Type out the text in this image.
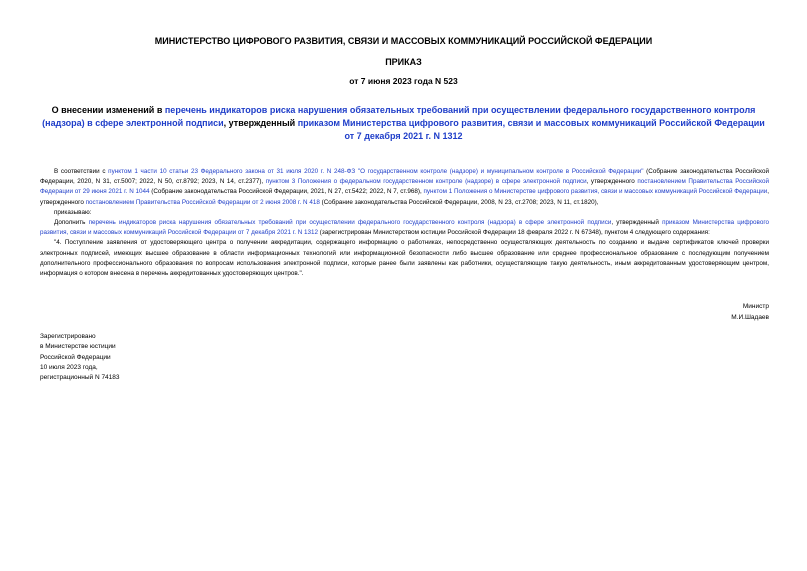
МИНИСТЕРСТВО ЦИФРОВОГО РАЗВИТИЯ, СВЯЗИ И МАССОВЫХ КОММУНИКАЦИЙ РОССИЙСКОЙ ФЕДЕРАЦИИ
ПРИКАЗ
от 7 июня 2023 года N 523
О внесении изменений в перечень индикаторов риска нарушения обязательных требований при осуществлении федерального государственного контроля (надзора) в сфере электронной подписи, утвержденный приказом Министерства цифрового развития, связи и массовых коммуникаций Российской Федерации от 7 декабря 2021 г. N 1312

В соответствии с пунктом 1 части 10 статьи 23 Федерального закона от 31 июля 2020 г. N 248-ФЗ "О государственном контроле (надзоре) и муниципальном контроле в Российской Федерации" (Собрание законодательства Российской Федерации, 2020, N 31, ст.5007; 2022, N 50, ст.8792; 2023, N 14, ст.2377), пунктом 3 Положения о федеральном государственном контроле (надзоре) в сфере электронной подписи, утвержденного постановлением Правительства Российской Федерации от 29 июня 2021 г. N 1044 (Собрание законодательства Российской Федерации, 2021, N 27, ст.5422; 2022, N 7, ст.968), пунктом 1 Положения о Министерстве цифрового развития, связи и массовых коммуникаций Российской Федерации, утвержденного постановлением Правительства Российской Федерации от 2 июня 2008 г. N 418 (Собрание законодательства Российской Федерации, 2008, N 23, ст.2708; 2023, N 11, ст.1820),

приказываю:

Дополнить перечень индикаторов риска нарушения обязательных требований при осуществлении федерального государственного контроля (надзора) в сфере электронной подписи, утвержденный приказом Министерства цифрового развития, связи и массовых коммуникаций Российской Федерации от 7 декабря 2021 г. N 1312 (зарегистрирован Министерством юстиции Российской Федерации 18 февраля 2022 г. N 67348), пунктом 4 следующего содержания:

"4. Поступление заявления от удостоверяющего центра о получении аккредитации, содержащего информацию о работниках, непосредственно осуществляющих деятельность по созданию и выдаче сертификатов ключей проверки электронных подписей, имеющих высшее образование в области информационных технологий или информационной безопасности либо высшее образование или среднее профессиональное образование с последующим получением дополнительного профессионального образования по вопросам использования электронной подписи, которые ранее были заявлены как работники, осуществляющие такую деятельность, иным аккредитованным удостоверяющим центром, информация о котором внесена в перечень аккредитованных удостоверяющих центров.".

Министр
М.И.Шадаев
Зарегистрировано
в Министерстве юстиции
Российской Федерации
10 июля 2023 года,
регистрационный N 74183
